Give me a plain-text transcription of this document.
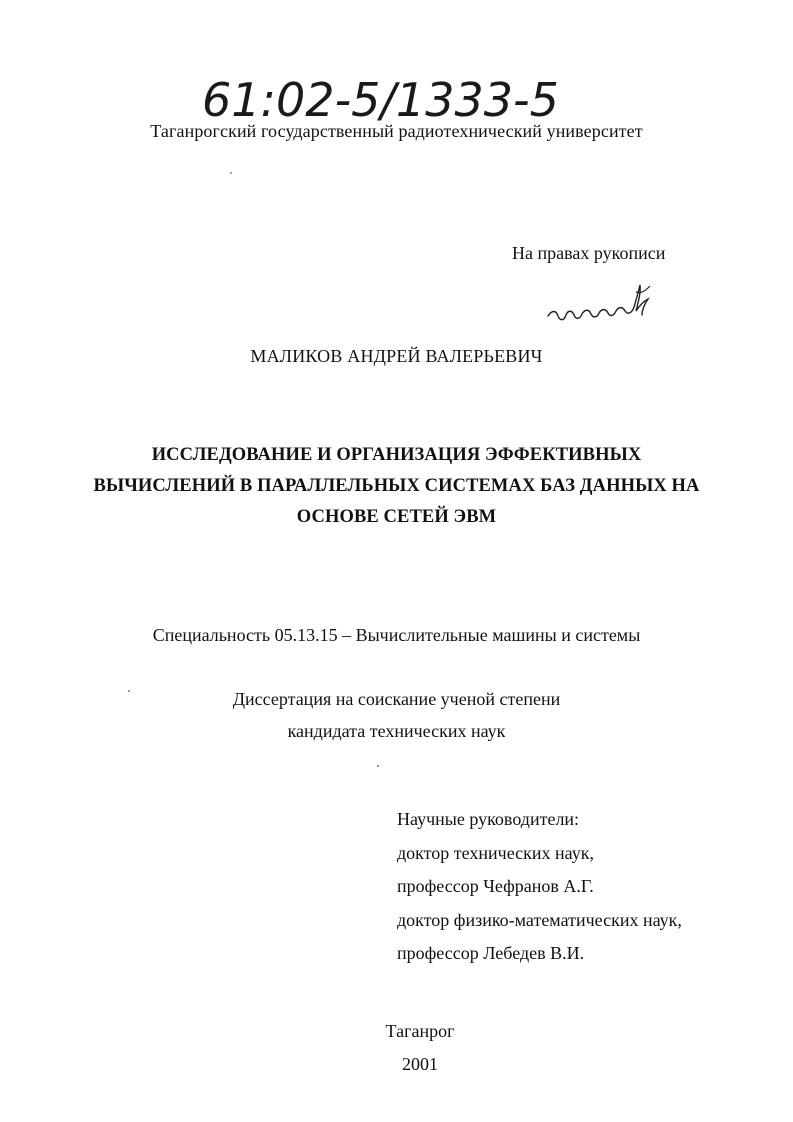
61:02-5/1333-5
Таганрогский государственный радиотехнический университет
На правах рукописи
МАЛИКОВ АНДРЕЙ ВАЛЕРЬЕВИЧ
ИССЛЕДОВАНИЕ И ОРГАНИЗАЦИЯ ЭФФЕКТИВНЫХ
ВЫЧИСЛЕНИЙ В ПАРАЛЛЕЛЬНЫХ СИСТЕМАХ БАЗ ДАННЫХ НА
ОСНОВЕ СЕТЕЙ ЭВМ
Специальность 05.13.15 – Вычислительные машины и системы
Диссертация на соискание ученой степени
кандидата технических наук
Научные руководители:
доктор технических наук,
профессор Чефранов А.Г.
доктор физико-математических наук,
профессор Лебедев В.И.
Таганрог
2001
